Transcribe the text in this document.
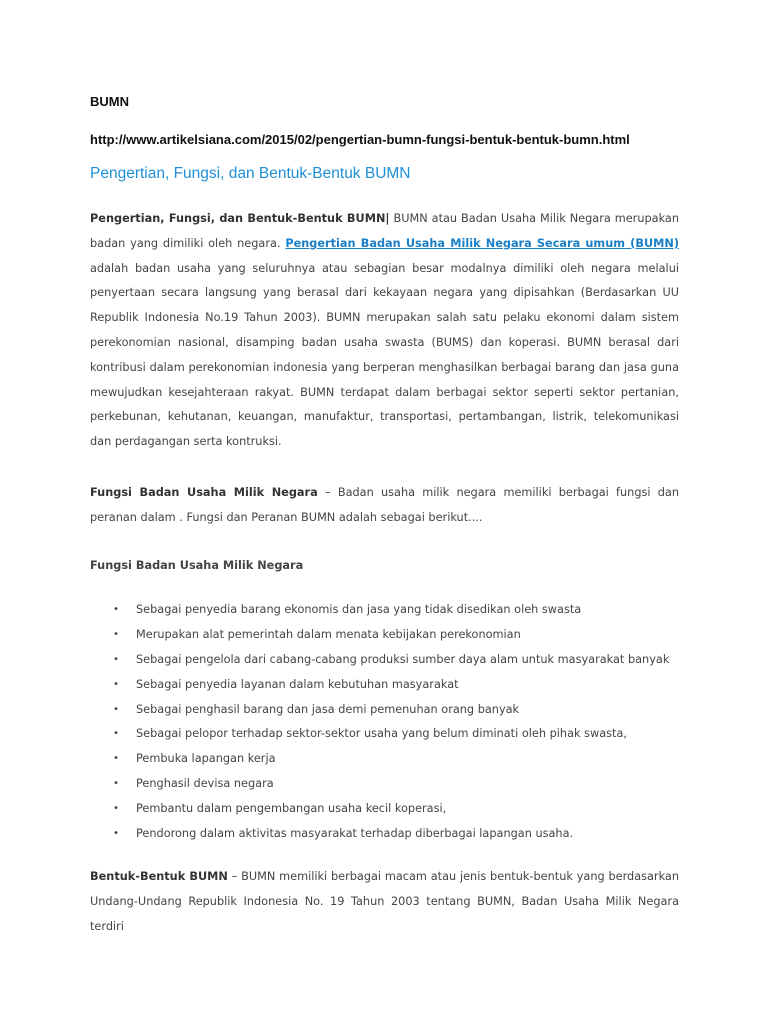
BUMN
http://www.artikelsiana.com/2015/02/pengertian-bumn-fungsi-bentuk-bentuk-bumn.html
Pengertian, Fungsi, dan Bentuk-Bentuk BUMN

Pengertian, Fungsi, dan Bentuk-Bentuk BUMN| BUMN atau Badan Usaha Milik Negara merupakan badan yang dimiliki oleh negara. Pengertian Badan Usaha Milik Negara Secara umum (BUMN) adalah badan usaha yang seluruhnya atau sebagian besar modalnya dimiliki oleh negara melalui penyertaan secara langsung yang berasal dari kekayaan negara yang dipisahkan (Berdasarkan UU Republik Indonesia No.19 Tahun 2003). BUMN merupakan salah satu pelaku ekonomi dalam sistem perekonomian nasional, disamping badan usaha swasta (BUMS) dan koperasi. BUMN berasal dari kontribusi dalam perekonomian indonesia yang berperan menghasilkan berbagai barang dan jasa guna mewujudkan kesejahteraan rakyat. BUMN terdapat dalam berbagai sektor seperti sektor pertanian, perkebunan, kehutanan, keuangan, manufaktur, transportasi, pertambangan, listrik, telekomunikasi dan perdagangan serta kontruksi.

Fungsi Badan Usaha Milik Negara – Badan usaha milik negara memiliki berbagai fungsi dan peranan dalam . Fungsi dan Peranan BUMN adalah sebagai berikut....

Fungsi Badan Usaha Milik Negara
• Sebagai penyedia barang ekonomis dan jasa yang tidak disedikan oleh swasta
• Merupakan alat pemerintah dalam menata kebijakan perekonomian
• Sebagai pengelola dari cabang-cabang produksi sumber daya alam untuk masyarakat banyak
• Sebagai penyedia layanan dalam kebutuhan masyarakat
• Sebagai penghasil barang dan jasa demi pemenuhan orang banyak
• Sebagai pelopor terhadap sektor-sektor usaha yang belum diminati oleh pihak swasta,
• Pembuka lapangan kerja
• Penghasil devisa negara
• Pembantu dalam pengembangan usaha kecil koperasi,
• Pendorong dalam aktivitas masyarakat terhadap diberbagai lapangan usaha.

Bentuk-Bentuk BUMN – BUMN memiliki berbagai macam atau jenis bentuk-bentuk yang berdasarkan Undang-Undang Republik Indonesia No. 19 Tahun 2003 tentang BUMN, Badan Usaha Milik Negara terdiri
